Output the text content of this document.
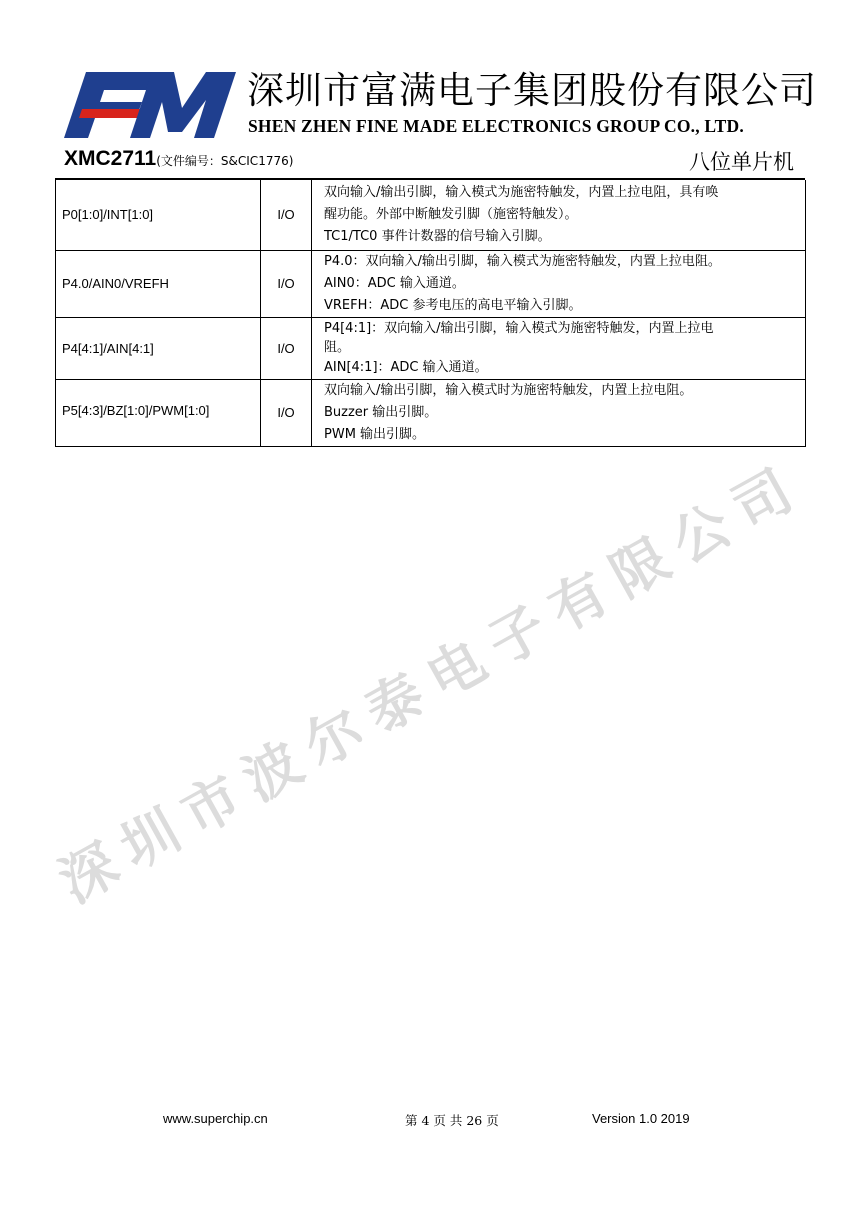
深圳市富满电子集团股份有限公司
SHEN ZHEN FINE MADE ELECTRONICS GROUP CO., LTD.
XMC2711(文件编号：S&CIC1776)	八位单片机
P0[1:0]/INT[1:0]	I/O	双向输入/输出引脚，输入模式为施密特触发，内置上拉电阻，具有唤
醒功能。外部中断触发引脚（施密特触发）。
TC1/TC0 事件计数器的信号输入引脚。

P4.0/AIN0/VREFH	I/O	P4.0：双向输入/输出引脚，输入模式为施密特触发，内置上拉电阻。
AIN0：ADC 输入通道。
VREFH：ADC 参考电压的高电平输入引脚。

P4[4:1]/AIN[4:1]	I/O	P4[4:1]：双向输入/输出引脚，输入模式为施密特触发，内置上拉电
阻。
AIN[4:1]：ADC 输入通道。

P5[4:3]/BZ[1:0]/PWM[1:0]	I/O	双向输入/输出引脚，输入模式时为施密特触发，内置上拉电阻。
Buzzer 输出引脚。
PWM 输出引脚。
深圳市波尔泰电子有限公司
www.superchip.cn	第 4 页 共 26 页	Version 1.0 2019
